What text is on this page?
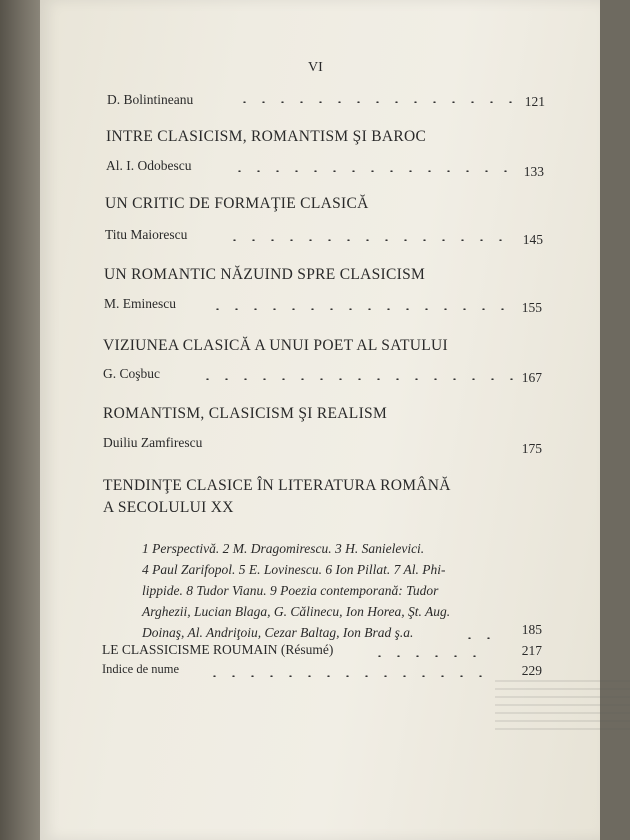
VI
D. Bolintineanu	121
INTRE CLASICISM, ROMANTISM ŞI BAROC
Al. I. Odobescu	133
UN CRITIC DE FORMAŢIE CLASICĂ
Titu Maiorescu	145
UN ROMANTIC NĂZUIND SPRE CLASICISM
M. Eminescu	155
VIZIUNEA CLASICĂ A UNUI POET AL SATULUI
G. Coşbuc	167
ROMANTISM, CLASICISM ŞI REALISM
Duiliu Zamfirescu	175
TENDINŢE CLASICE ÎN LITERATURA ROMÂNĂ
A SECOLULUI XX
1 Perspectivă. 2 M. Dragomirescu. 3 H. Sanielevici.
4 Paul Zarifopol. 5 E. Lovinescu. 6 Ion Pillat. 7 Al. Phi-
lippide. 8 Tudor Vianu. 9 Poezia contemporană: Tudor
Arghezii, Lucian Blaga, G. Călinecu, Ion Horea, Şt. Aug.
Doinaş, Al. Andriţoiu, Cezar Baltag, Ion Brad ş.a.	185
LE CLASSICISME ROUMAIN (Résumé)	217
Indice de nume	229
